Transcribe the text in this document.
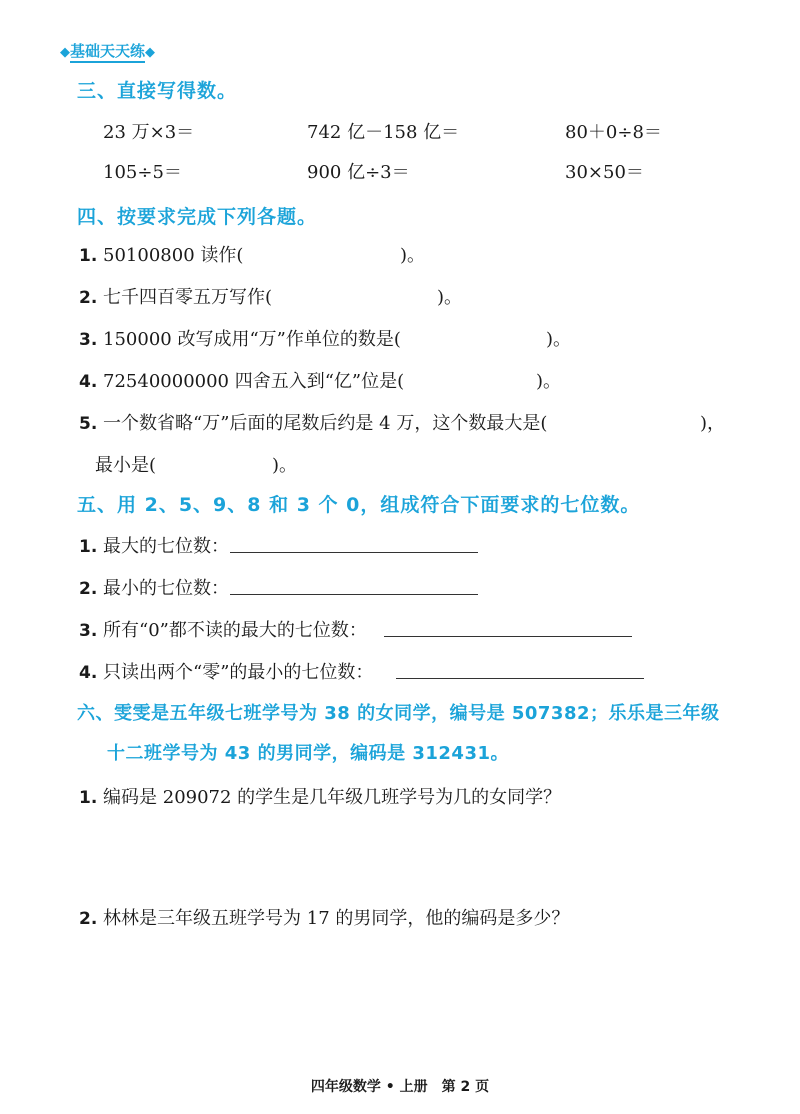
◆基础天天练◆
三、直接写得数。
23 万×3＝	742 亿－158 亿＝	80＋0÷8＝
105÷5＝	900 亿÷3＝	30×50＝
四、按要求完成下列各题。
1. 50100800 读作(	)。
2. 七千四百零五万写作(	)。
3. 150000 改写成用“万”作单位的数是(	)。
4. 72540000000 四舍五入到“亿”位是(	)。
5. 一个数省略“万”后面的尾数后约是 4 万，这个数最大是(	)，
最小是(	)。
五、用 2、5、9、8 和 3 个 0，组成符合下面要求的七位数。
1. 最大的七位数：
2. 最小的七位数：
3. 所有“0”都不读的最大的七位数：
4. 只读出两个“零”的最小的七位数：
六、雯雯是五年级七班学号为 38 的女同学，编号是 507382；乐乐是三年级
十二班学号为 43 的男同学，编码是 312431。
1. 编码是 209072 的学生是几年级几班学号为几的女同学？
2. 林林是三年级五班学号为 17 的男同学，他的编码是多少？
四年级数学 • 上册　第 2 页
